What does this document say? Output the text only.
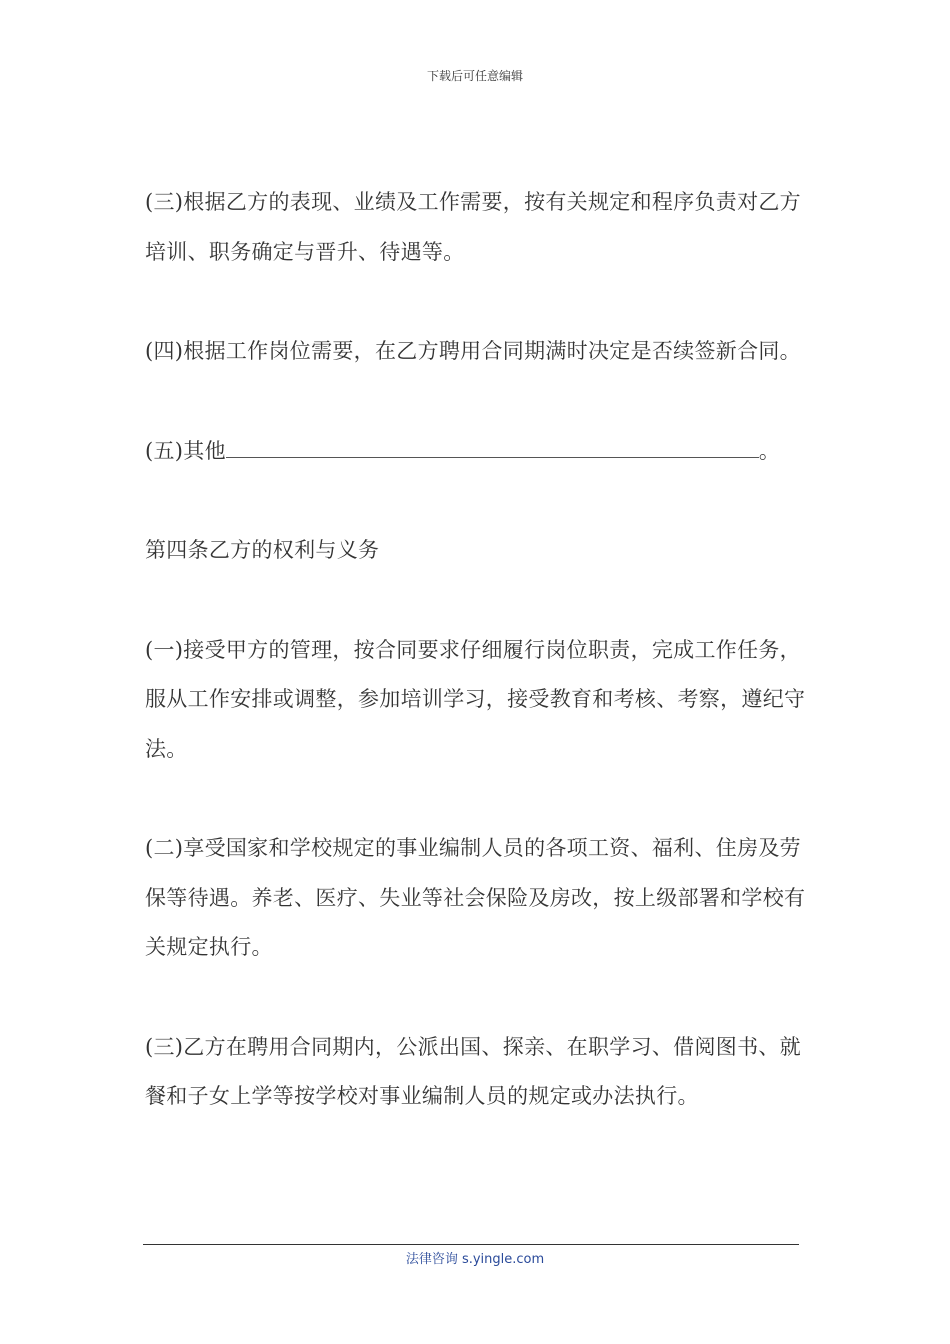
下载后可任意编辑

(三)根据乙方的表现、业绩及工作需要，按有关规定和程序负责对乙方培训、职务确定与晋升、待遇等。

(四)根据工作岗位需要，在乙方聘用合同期满时决定是否续签新合同。

(五)其他	。

第四条乙方的权利与义务

(一)接受甲方的管理，按合同要求仔细履行岗位职责，完成工作任务，服从工作安排或调整，参加培训学习，接受教育和考核、考察，遵纪守法。

(二)享受国家和学校规定的事业编制人员的各项工资、福利、住房及劳保等待遇。养老、医疗、失业等社会保险及房改，按上级部署和学校有关规定执行。

(三)乙方在聘用合同期内，公派出国、探亲、在职学习、借阅图书、就餐和子女上学等按学校对事业编制人员的规定或办法执行。

法律咨询 s.yingle.com
